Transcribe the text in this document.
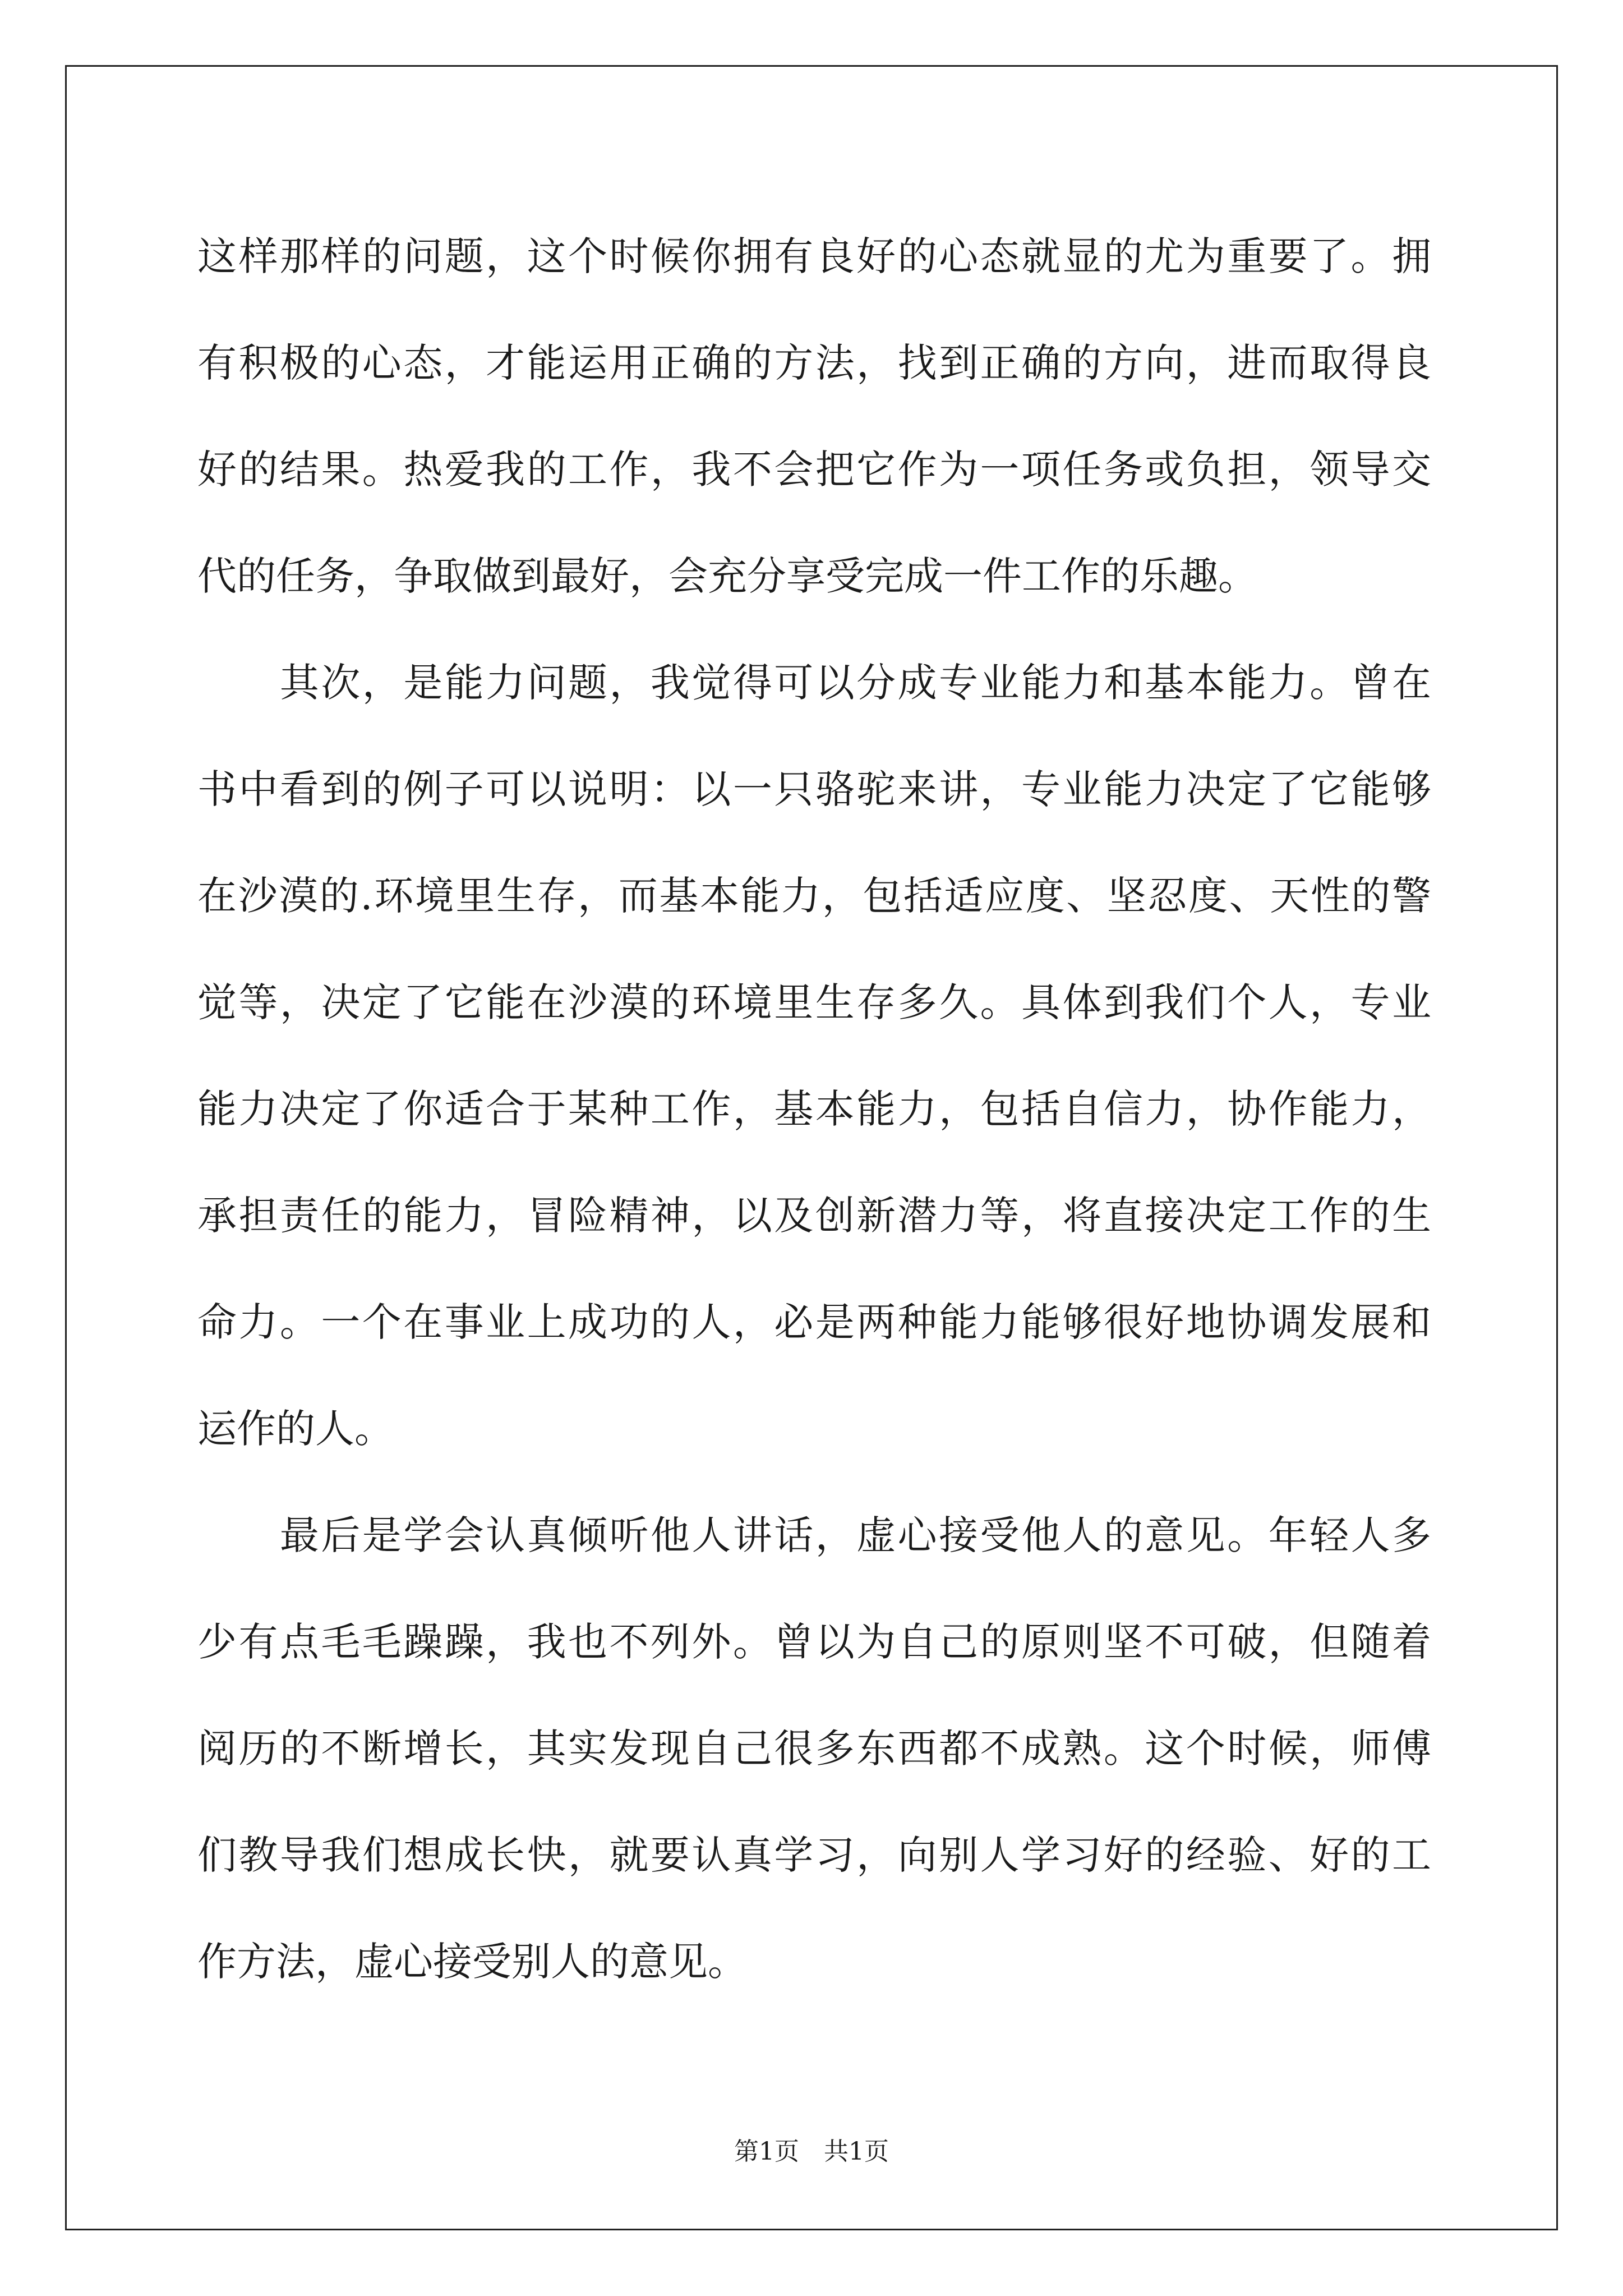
这样那样的问题，这个时候你拥有良好的心态就显的尤为重要了。拥
有积极的心态，才能运用正确的方法，找到正确的方向，进而取得良
好的结果。热爱我的工作，我不会把它作为一项任务或负担，领导交
代的任务，争取做到最好，会充分享受完成一件工作的乐趣。
　　其次，是能力问题，我觉得可以分成专业能力和基本能力。曾在
书中看到的例子可以说明：以一只骆驼来讲，专业能力决定了它能够
在沙漠的.环境里生存，而基本能力，包括适应度、坚忍度、天性的警
觉等，决定了它能在沙漠的环境里生存多久。具体到我们个人，专业
能力决定了你适合于某种工作，基本能力，包括自信力，协作能力，
承担责任的能力，冒险精神，以及创新潜力等，将直接决定工作的生
命力。一个在事业上成功的人，必是两种能力能够很好地协调发展和
运作的人。
　　最后是学会认真倾听他人讲话，虚心接受他人的意见。年轻人多
少有点毛毛躁躁，我也不列外。曾以为自己的原则坚不可破，但随着
阅历的不断增长，其实发现自己很多东西都不成熟。这个时候，师傅
们教导我们想成长快，就要认真学习，向别人学习好的经验、好的工
作方法，虚心接受别人的意见。
第1页　共1页
